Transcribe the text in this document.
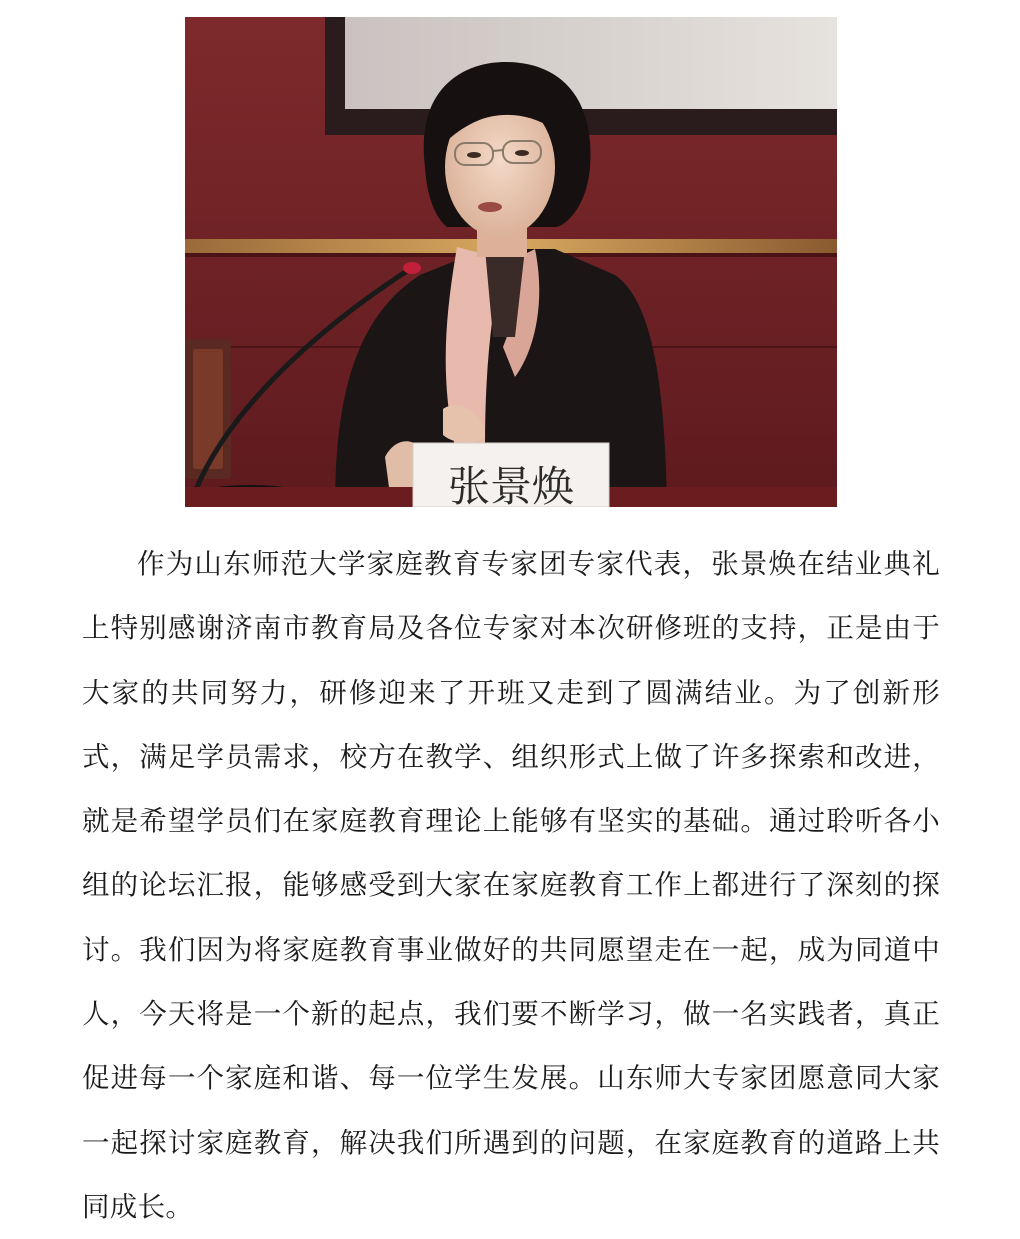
张景焕

作为山东师范大学家庭教育专家团专家代表，张景焕在结业典礼上特别感谢济南市教育局及各位专家对本次研修班的支持，正是由于大家的共同努力，研修迎来了开班又走到了圆满结业。为了创新形式，满足学员需求，校方在教学、组织形式上做了许多探索和改进，就是希望学员们在家庭教育理论上能够有坚实的基础。通过聆听各小组的论坛汇报，能够感受到大家在家庭教育工作上都进行了深刻的探讨。我们因为将家庭教育事业做好的共同愿望走在一起，成为同道中人，今天将是一个新的起点，我们要不断学习，做一名实践者，真正促进每一个家庭和谐、每一位学生发展。山东师大专家团愿意同大家一起探讨家庭教育，解决我们所遇到的问题，在家庭教育的道路上共同成长。
